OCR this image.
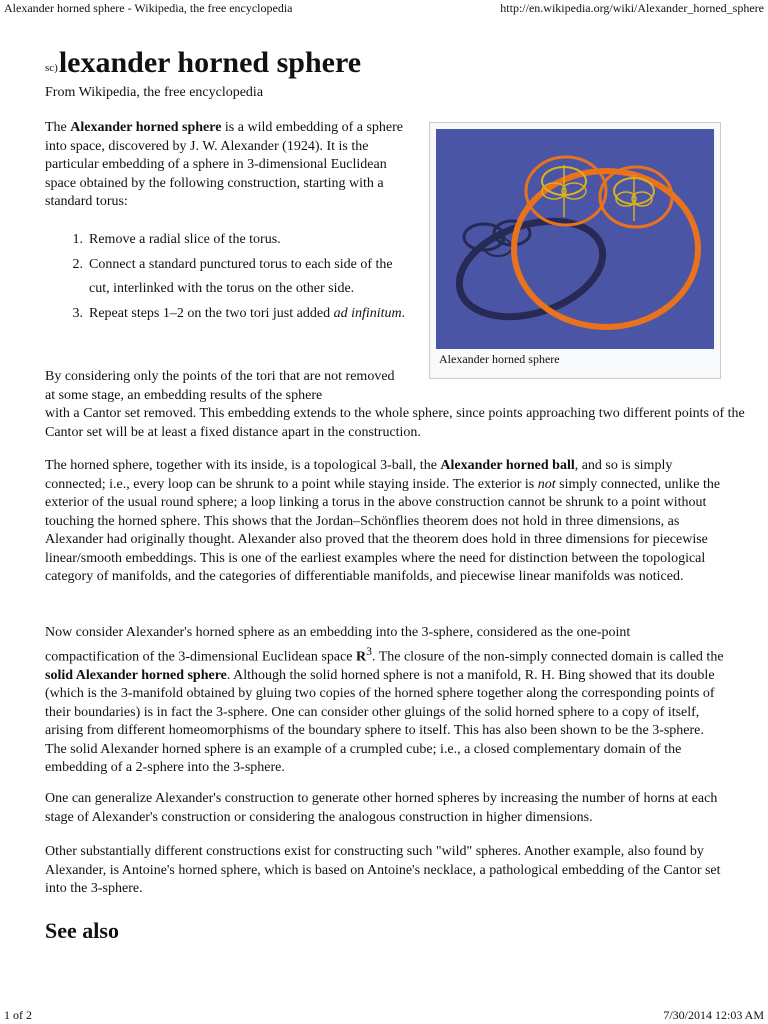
Alexander horned sphere - Wikipedia, the free encyclopedia	http://en.wikipedia.org/wiki/Alexander_horned_sphere
sc) lexander horned sphere
From Wikipedia, the free encyclopedia

The Alexander horned sphere is a wild embedding of a sphere into space, discovered by J. W. Alexander (1924). It is the particular embedding of a sphere in 3-dimensional Euclidean space obtained by the following construction, starting with a standard torus:

1. Remove a radial slice of the torus.
2. Connect a standard punctured torus to each side of the cut, interlinked with the torus on the other side.
3. Repeat steps 1–2 on the two tori just added ad infinitum.

By considering only the points of the tori that are not removed at some stage, an embedding results of the sphere
with a Cantor set removed. This embedding extends to the whole sphere, since points approaching two different points of the Cantor set will be at least a fixed distance apart in the construction.

The horned sphere, together with its inside, is a topological 3-ball, the Alexander horned ball, and so is simply connected; i.e., every loop can be shrunk to a point while staying inside. The exterior is not simply connected, unlike the exterior of the usual round sphere; a loop linking a torus in the above construction cannot be shrunk to a point without touching the horned sphere. This shows that the Jordan–Schönflies theorem does not hold in three dimensions, as Alexander had originally thought. Alexander also proved that the theorem does hold in three dimensions for piecewise linear/smooth embeddings. This is one of the earliest examples where the need for distinction between the topological category of manifolds, and the categories of differentiable manifolds, and piecewise linear manifolds was noticed.

Now consider Alexander's horned sphere as an embedding into the 3-sphere, considered as the one-point compactification of the 3-dimensional Euclidean space $R^3$. The closure of the non-simply connected domain is called the solid Alexander horned sphere. Although the solid horned sphere is not a manifold, R. H. Bing showed that its double (which is the 3-manifold obtained by gluing two copies of the horned sphere together along the corresponding points of their boundaries) is in fact the 3-sphere. One can consider other gluings of the solid horned sphere to a copy of itself, arising from different homeomorphisms of the boundary sphere to itself. This has also been shown to be the 3-sphere. The solid Alexander horned sphere is an example of a crumpled cube; i.e., a closed complementary domain of the embedding of a 2-sphere into the 3-sphere.

One can generalize Alexander's construction to generate other horned spheres by increasing the number of horns at each stage of Alexander's construction or considering the analogous construction in higher dimensions.

Other substantially different constructions exist for constructing such "wild" spheres. Another example, also found by Alexander, is Antoine's horned sphere, which is based on Antoine's necklace, a pathological embedding of the Cantor set into the 3-sphere.

See also
Alexander horned sphere
1 of 2	7/30/2014 12:03 AM
